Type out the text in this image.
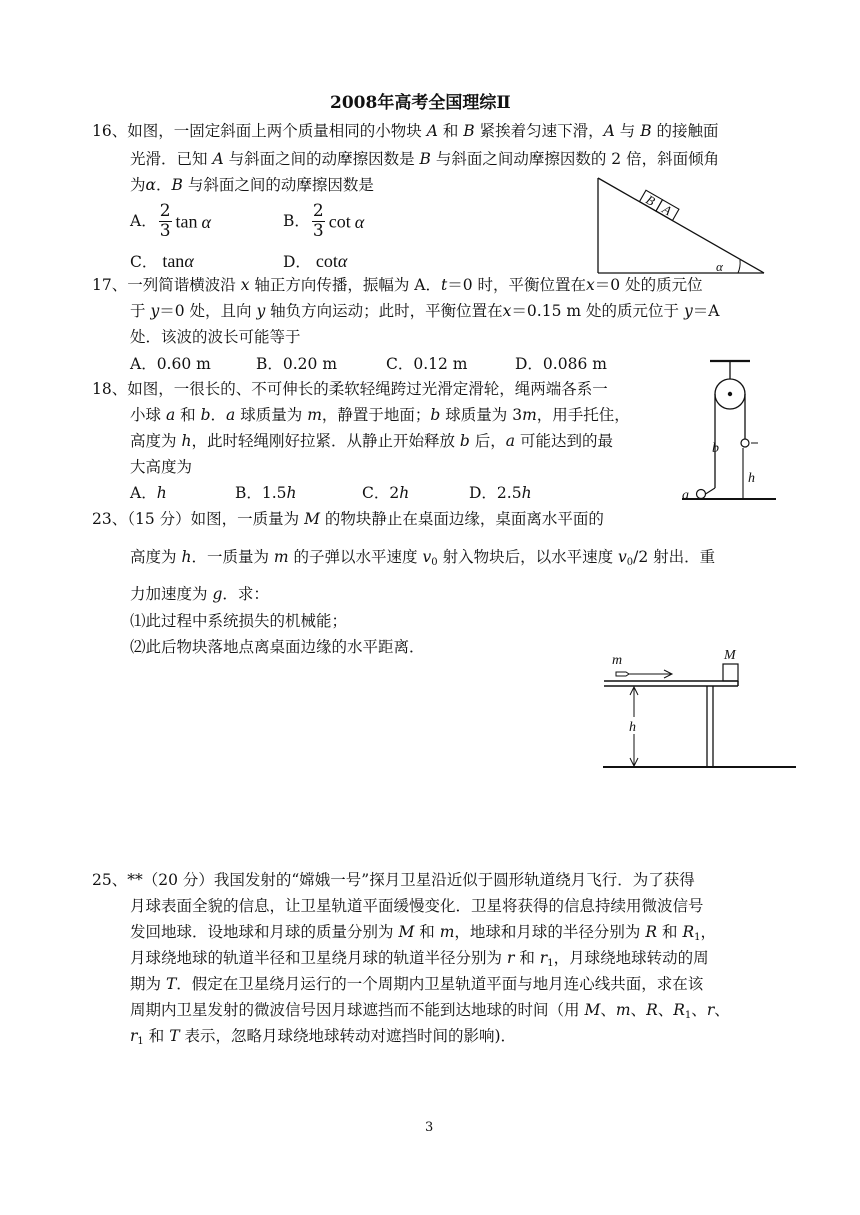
2008年高考全国理综Ⅱ
16、如图，一固定斜面上两个质量相同的小物块 A 和 B 紧挨着匀速下滑，A 与 B 的接触面
光滑．已知 A 与斜面之间的动摩擦因数是 B 与斜面之间动摩擦因数的 2 倍，斜面倾角
为α．B 与斜面之间的动摩擦因数是
A． $\frac{2}{3}$ tan α	B． $\frac{2}{3}$ cot α
C． tanα	D． cotα
B
A
α
17、一列简谐横波沿 x 轴正方向传播，振幅为 A．t＝0 时，平衡位置在x＝0 处的质元位
于 y＝0 处，且向 y 轴负方向运动；此时，平衡位置在x＝0.15 m 处的质元位于 y＝A
处．该波的波长可能等于
A．0.60 m	B．0.20 m	C．0.12 m	D．0.086 m
18、如图，一很长的、不可伸长的柔软轻绳跨过光滑定滑轮，绳两端各系一
小球 a 和 b．a 球质量为 m，静置于地面；b 球质量为 3m，用手托住，
高度为 h，此时轻绳刚好拉紧．从静止开始释放 b 后，a 可能达到的最
大高度为
A．h	B．1.5h	C．2h	D．2.5h
b
h
a
23、（15 分）如图，一质量为 M 的物块静止在桌面边缘，桌面离水平面的
高度为 h．一质量为 m 的子弹以水平速度 $v_0$ 射入物块后，以水平速度 $v_0/2$ 射出．重
力加速度为 g．求：
⑴此过程中系统损失的机械能；
⑵此后物块落地点离桌面边缘的水平距离．
m	M
h
25、**（20 分）我国发射的“嫦娥一号”探月卫星沿近似于圆形轨道绕月飞行．为了获得
月球表面全貌的信息，让卫星轨道平面缓慢变化．卫星将获得的信息持续用微波信号
发回地球．设地球和月球的质量分别为 M 和 m，地球和月球的半径分别为 R 和 $R_1$，
月球绕地球的轨道半径和卫星绕月球的轨道半径分别为 r 和 $r_1$，月球绕地球转动的周
期为 T．假定在卫星绕月运行的一个周期内卫星轨道平面与地月连心线共面，求在该
周期内卫星发射的微波信号因月球遮挡而不能到达地球的时间（用 M、m、R、$R_1$、r、
$r_1$ 和 T 表示，忽略月球绕地球转动对遮挡时间的影响)．
3
